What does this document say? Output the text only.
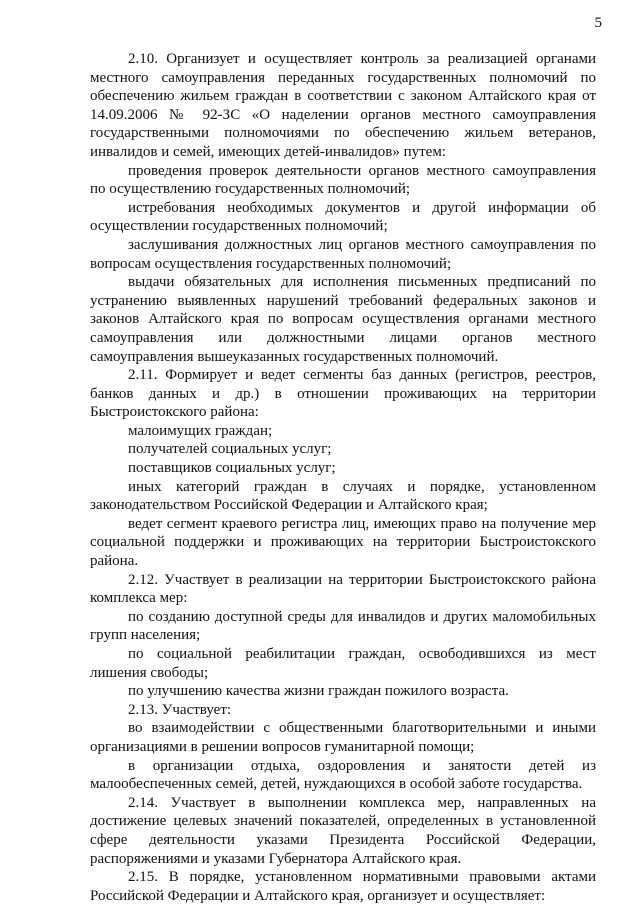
5

2.10. Организует и осуществляет контроль за реализацией органами местного самоуправления переданных государственных полномочий по обеспечению жильем граждан в соответствии с законом Алтайского края от 14.09.2006 № 92-ЗС «О наделении органов местного самоуправления государственными полномочиями по обеспечению жильем ветеранов, инвалидов и семей, имеющих детей-инвалидов» путем:

проведения проверок деятельности органов местного самоуправления по осуществлению государственных полномочий;

истребования необходимых документов и другой информации об осуществлении государственных полномочий;

заслушивания должностных лиц органов местного самоуправления по вопросам осуществления государственных полномочий;

выдачи обязательных для исполнения письменных предписаний по устранению выявленных нарушений требований федеральных законов и законов Алтайского края по вопросам осуществления органами местного самоуправления или должностными лицами органов местного самоуправления вышеуказанных государственных полномочий.

2.11. Формирует и ведет сегменты баз данных (регистров, реестров, банков данных и др.) в отношении проживающих на территории Быстроистокского района:

малоимущих граждан;

получателей социальных услуг;

поставщиков социальных услуг;

иных категорий граждан в случаях и порядке, установленном законодательством Российской Федерации и Алтайского края;

ведет сегмент краевого регистра лиц, имеющих право на получение мер социальной поддержки и проживающих на территории Быстроистокского района.

2.12. Участвует в реализации на территории Быстроистокского района комплекса мер:

по созданию доступной среды для инвалидов и других маломобильных групп населения;

по социальной реабилитации граждан, освободившихся из мест лишения свободы;

по улучшению качества жизни граждан пожилого возраста.

2.13. Участвует:

во взаимодействии с общественными благотворительными и иными организациями в решении вопросов гуманитарной помощи;

в организации отдыха, оздоровления и занятости детей из малообеспеченных семей, детей, нуждающихся в особой заботе государства.

2.14. Участвует в выполнении комплекса мер, направленных на достижение целевых значений показателей, определенных в установленной сфере деятельности указами Президента Российской Федерации, распоряжениями и указами Губернатора Алтайского края.

2.15. В порядке, установленном нормативными правовыми актами Российской Федерации и Алтайского края, организует и осуществляет:
